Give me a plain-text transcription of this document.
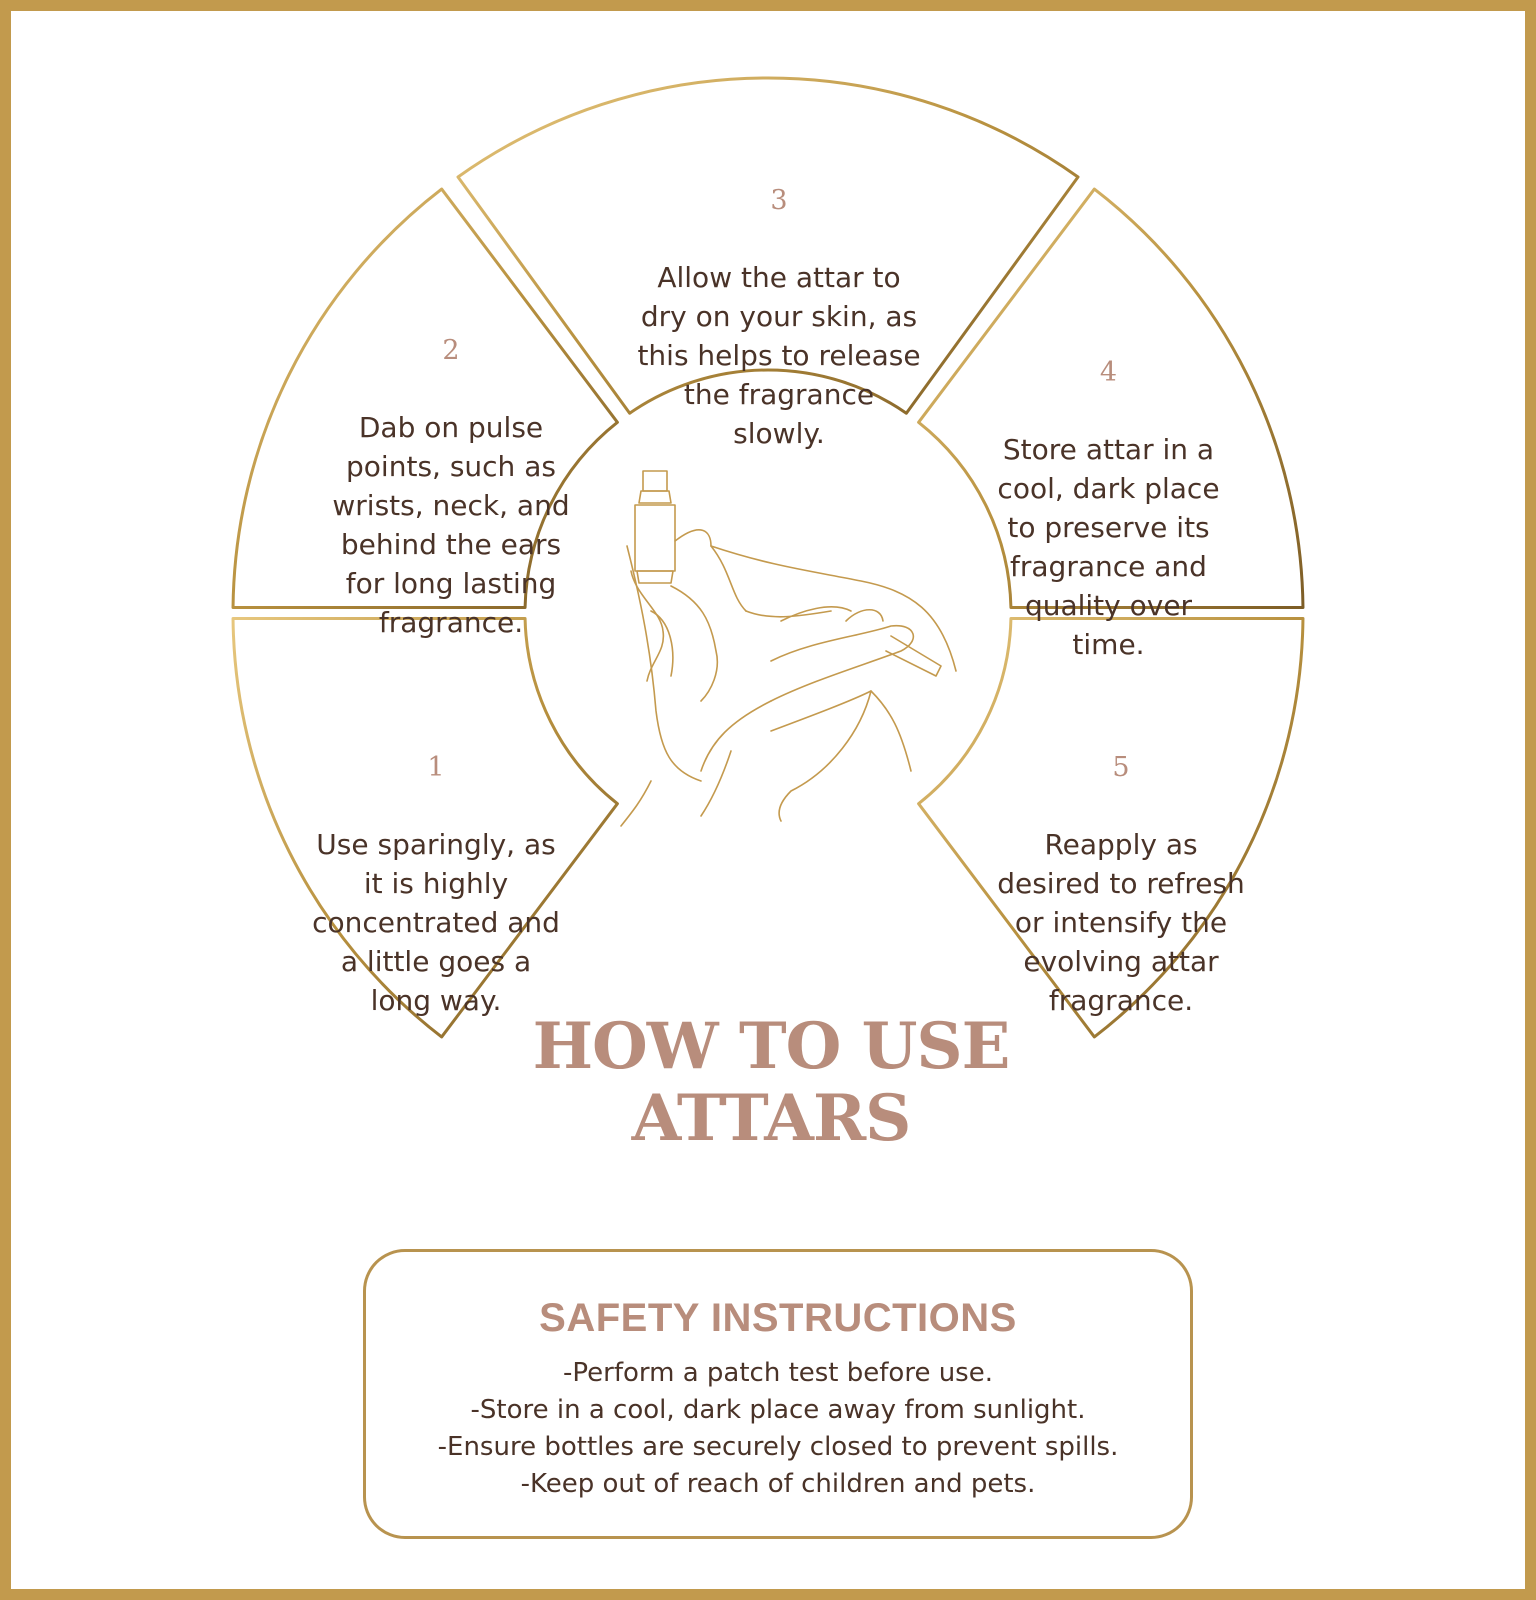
1

Use sparingly, as
it is highly
concentrated and
a little goes a
long way.

2

Dab on pulse
points, such as
wrists, neck, and
behind the ears
for long lasting
fragrance.

3

Allow the attar to
dry on your skin, as
this helps to release
the fragrance
slowly.

4

Store attar in a
cool, dark place
to preserve its
fragrance and
quality over
time.

5

Reapply as
desired to refresh
or intensify the
evolving attar
fragrance.

HOW TO USE
ATTARS
SAFETY INSTRUCTIONS
-Perform a patch test before use.
-Store in a cool, dark place away from sunlight.
-Ensure bottles are securely closed to prevent spills.
-Keep out of reach of children and pets.
